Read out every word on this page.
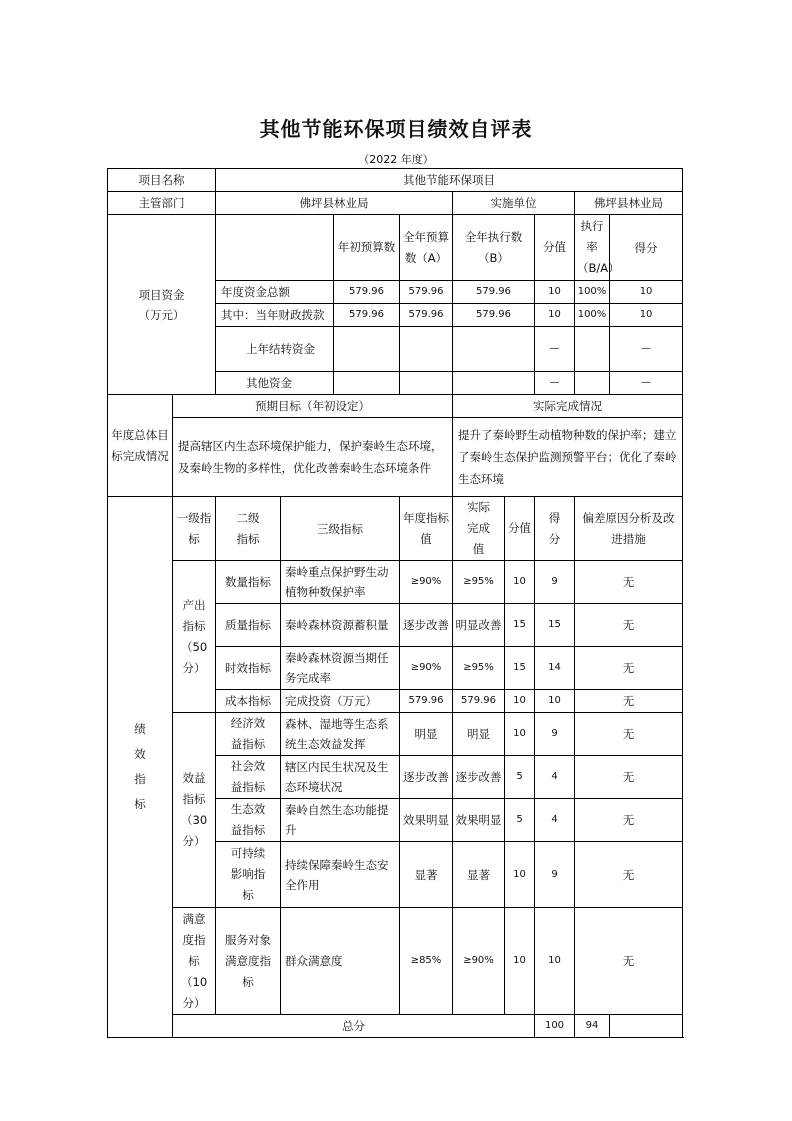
其他节能环保项目绩效自评表
（2022 年度）
项目名称		其他节能环保项目								
主管部门		佛坪县林业局				实施单位			佛坪县林业局	
项目资金
（万元）				年初预算数	全年预算数（A）	全年执行数（B）		分值	执行率（B/A）	得分
		年度资金总额		579.96	579.96	579.96		10	100%	10
		其中：当年财政拨款		579.96	579.96	579.96		10	100%	10
		上年结转资金						—		—
		其他资金						—		—
年度总体目标完成情况	预期目标（年初设定）					实际完成情况				
	提高辖区内生态环境保护能力，保护秦岭生态环境，及秦岭生物的多样性，优化改善秦岭生态环境条件					提升了秦岭野生动植物种数的保护率；建立了秦岭生态保护监测预警平台；优化了秦岭生态环境				
绩效指标	一级指标	二级指标	三级指标		年度指标值	实际完成值	分值	得分	偏差原因分析及改进措施	
	产出指标（50分）	数量指标	秦岭重点保护野生动植物种数保护率		≥90%	≥95%	10	9	无	
		质量指标	秦岭森林资源蓄积量		逐步改善	明显改善	15	15	无	
		时效指标	秦岭森林资源当期任务完成率		≥90%	≥95%	15	14	无	
		成本指标	完成投资（万元）		579.96	579.96	10	10	无	
	效益指标（30分）	经济效益指标	森林、湿地等生态系统生态效益发挥		明显	明显	10	9	无	
		社会效益指标	辖区内民生状况及生态环境状况		逐步改善	逐步改善	5	4	无	
		生态效益指标	秦岭自然生态功能提升		效果明显	效果明显	5	4	无	
		可持续影响指标	持续保障秦岭生态安全作用		显著	显著	10	9	无	
	满意度指标（10分）	服务对象满意度指标	群众满意度		≥85%	≥90%	10	10	无	
	总分							100	94	
